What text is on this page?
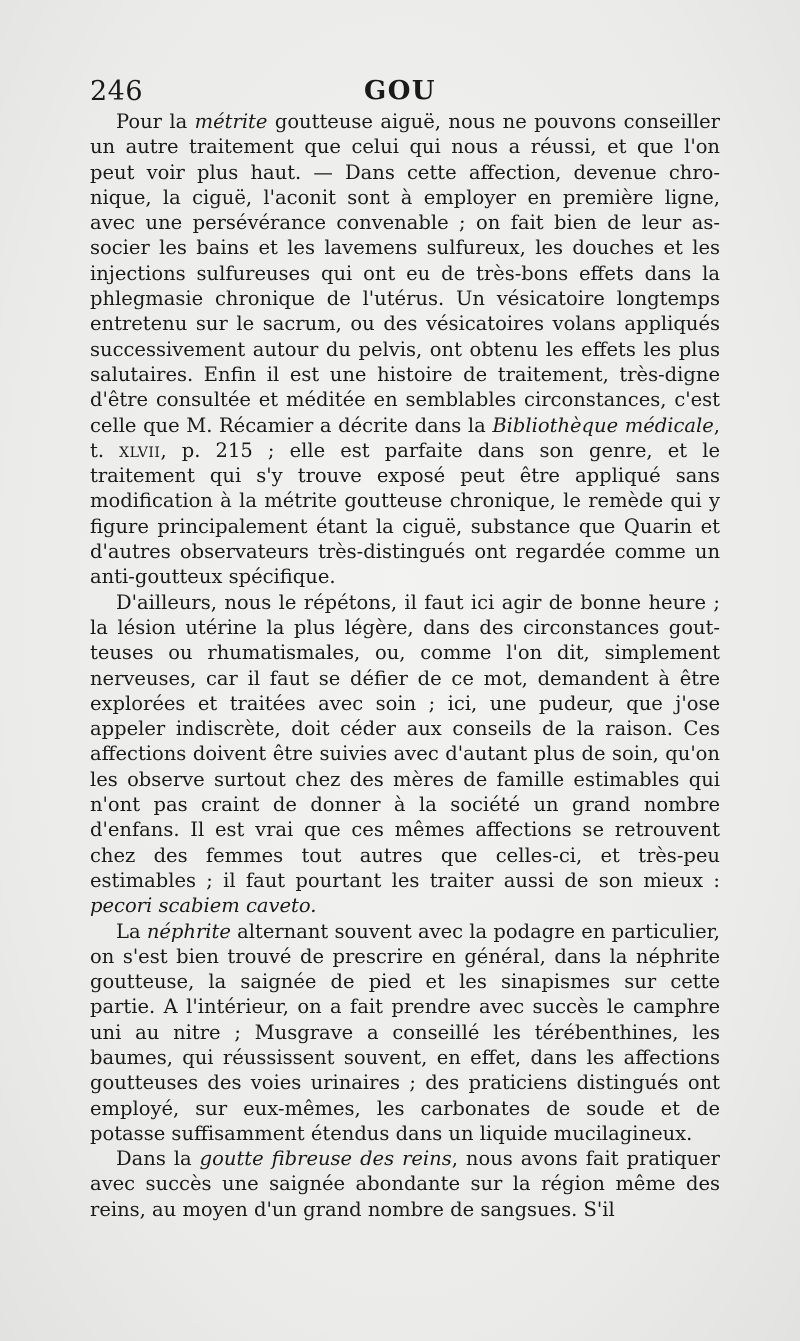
246	GOU

Pour la métrite goutteuse aiguë, nous ne pouvons conseiller un autre traitement que celui qui nous a réussi, et que l'on peut voir plus haut. — Dans cette affection, devenue chronique, la ciguë, l'aconit sont à employer en première ligne, avec une persévérance convenable ; on fait bien de leur associer les bains et les lavemens sulfureux, les douches et les injections sulfureuses qui ont eu de très-bons effets dans la phlegmasie chronique de l'utérus. Un vésicatoire longtemps entretenu sur le sacrum, ou des vésicatoires volans appliqués successivement autour du pelvis, ont obtenu les effets les plus salutaires. Enfin il est une histoire de traitement, très-digne d'être consultée et méditée en semblables circonstances, c'est celle que M. Récamier a décrite dans la Bibliothèque médicale, t. xlvii, p. 215 ; elle est parfaite dans son genre, et le traitement qui s'y trouve exposé peut être appliqué sans modification à la métrite goutteuse chronique, le remède qui y figure principalement étant la ciguë, substance que Quarin et d'autres observateurs très-distingués ont regardée comme un anti-goutteux spécifique.

D'ailleurs, nous le répétons, il faut ici agir de bonne heure ; la lésion utérine la plus légère, dans des circonstances goutteuses ou rhumatismales, ou, comme l'on dit, simplement nerveuses, car il faut se défier de ce mot, demandent à être explorées et traitées avec soin ; ici, une pudeur, que j'ose appeler indiscrète, doit céder aux conseils de la raison. Ces affections doivent être suivies avec d'autant plus de soin, qu'on les observe surtout chez des mères de famille estimables qui n'ont pas craint de donner à la société un grand nombre d'enfans. Il est vrai que ces mêmes affections se retrouvent chez des femmes tout autres que celles-ci, et très-peu estimables ; il faut pourtant les traiter aussi de son mieux : pecori scabiem caveto.

La néphrite alternant souvent avec la podagre en particulier, on s'est bien trouvé de prescrire en général, dans la néphrite goutteuse, la saignée de pied et les sinapismes sur cette partie. A l'intérieur, on a fait prendre avec succès le camphre uni au nitre ; Musgrave a conseillé les térébenthines, les baumes, qui réussissent souvent, en effet, dans les affections goutteuses des voies urinaires ; des praticiens distingués ont employé, sur eux-mêmes, les carbonates de soude et de potasse suffisamment étendus dans un liquide mucilagineux.

Dans la goutte fibreuse des reins, nous avons fait pratiquer avec succès une saignée abondante sur la région même des reins, au moyen d'un grand nombre de sangsues. S'il
